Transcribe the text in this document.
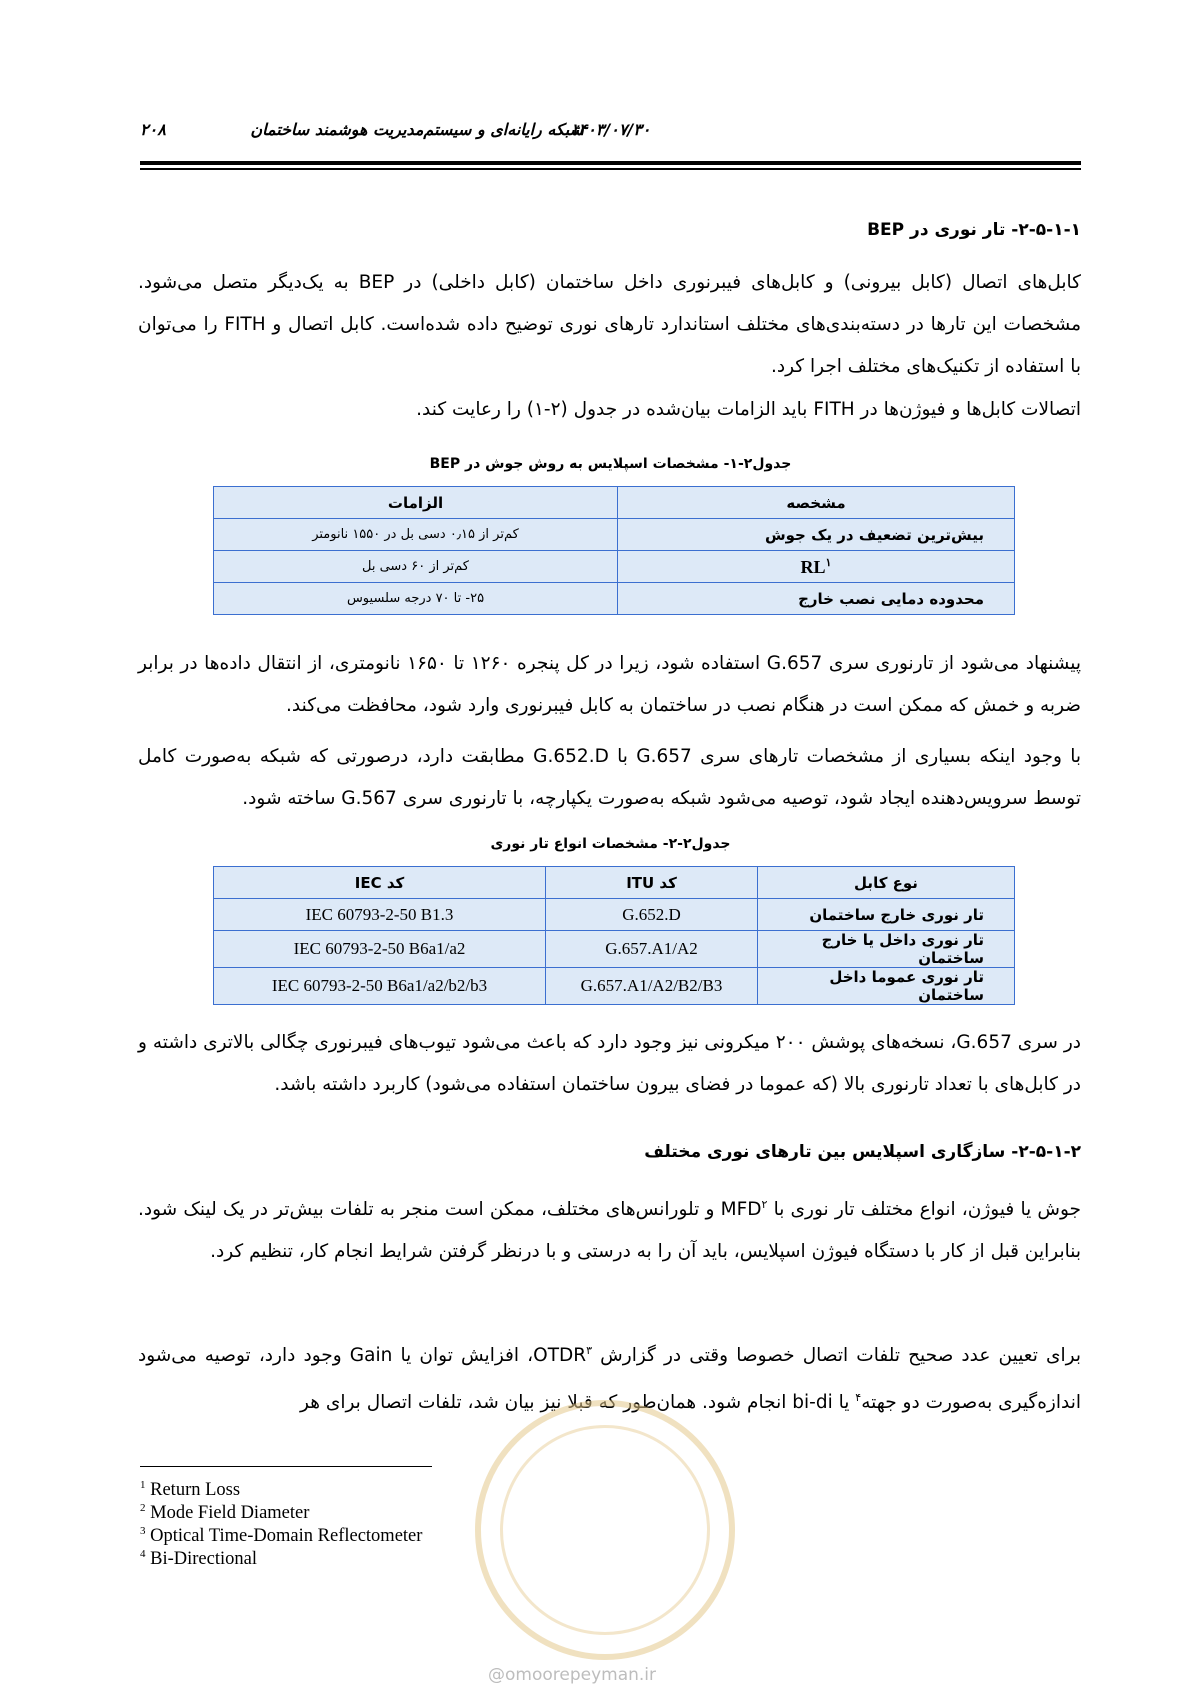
۲۰۸	۱۴۰۳/۰۷/۳۰
شبکه رایانه‌ای و سیستم‌مدیریت هوشمند ساختمان
۲-۵-۱-۱- تار نوری در BEP
کابل‌های اتصال (کابل بیرونی) و کابل‌های فیبرنوری داخل ساختمان (کابل داخلی) در BEP به یک‌دیگر متصل می‌شود. مشخصات این تارها در دسته‌بندی‌های مختلف استاندارد تارهای نوری توضیح داده شده‌است. کابل اتصال و FITH را می‌توان با استفاده از تکنیک‌های مختلف اجرا کرد.
اتصالات کابل‌ها و فیوژن‌ها در FITH باید الزامات بیان‌شده در جدول (۲-۱) را رعایت کند.
جدول۲-۱- مشخصات اسپلایس به روش جوش در BEP
مشخصه	الزامات
بیش‌ترین تضعیف در یک جوش	کم‌تر از ۰٫۱۵ دسی بل در ۱۵۵۰ نانومتر
$RL^۱$	کم‌تر از ۶۰ دسی بل
محدوده دمایی نصب خارج	۲۵- تا ۷۰ درجه سلسیوس
پیشنهاد می‌شود از تارنوری سری G.657 استفاده شود، زیرا در کل پنجره ۱۲۶۰ تا ۱۶۵۰ نانومتری، از انتقال داده‌ها در برابر ضربه و خمش که ممکن است در هنگام نصب در ساختمان به کابل فیبرنوری وارد شود، محافظت می‌کند.
با وجود اینکه بسیاری از مشخصات تارهای سری G.657 با G.652.D مطابقت دارد، درصورتی که شبکه به‌صورت کامل توسط سرویس‌دهنده ایجاد شود، توصیه می‌شود شبکه به‌صورت یکپارچه، با تارنوری سری G.567 ساخته شود.
جدول۲-۲- مشخصات انواع تار نوری
نوع کابل	کد ITU	کد IEC
تار نوری خارج ساختمان	G.652.D	IEC 60793-2-50 B1.3
تار نوری داخل یا خارج ساختمان	G.657.A1/A2	IEC 60793-2-50 B6a1/a2
تار نوری عموما داخل ساختمان	G.657.A1/A2/B2/B3	IEC 60793-2-50 B6a1/a2/b2/b3
در سری G.657، نسخه‌های پوشش ۲۰۰ میکرونی نیز وجود دارد که باعث می‌شود تیوب‌های فیبرنوری چگالی بالاتری داشته و در کابل‌های با تعداد تارنوری بالا (که عموما در فضای بیرون ساختمان استفاده می‌شود) کاربرد داشته باشد.
۲-۵-۱-۲- سازگاری اسپلایس بین تارهای نوری مختلف
جوش یا فیوژن، انواع مختلف تار نوری با MFD$^۲$ و تلورانس‌های مختلف، ممکن است منجر به تلفات بیش‌تر در یک لینک شود. بنابراین قبل از کار با دستگاه فیوژن اسپلایس، باید آن را به درستی و با درنظر گرفتن شرایط انجام کار، تنظیم کرد.
برای تعیین عدد صحیح تلفات اتصال خصوصا وقتی در گزارش OTDR$^۳$، افزایش توان یا Gain وجود دارد، توصیه می‌شود اندازه‌گیری به‌صورت دو جهته$^۴$ یا bi-di انجام شود. همان‌طور که قبلا نیز بیان شد، تلفات اتصال برای هر
@omoorepeyman.ir
$^1$ Return Loss
$^2$ Mode Field Diameter
$^3$ Optical Time-Domain Reflectometer
$^4$ Bi-Directional
